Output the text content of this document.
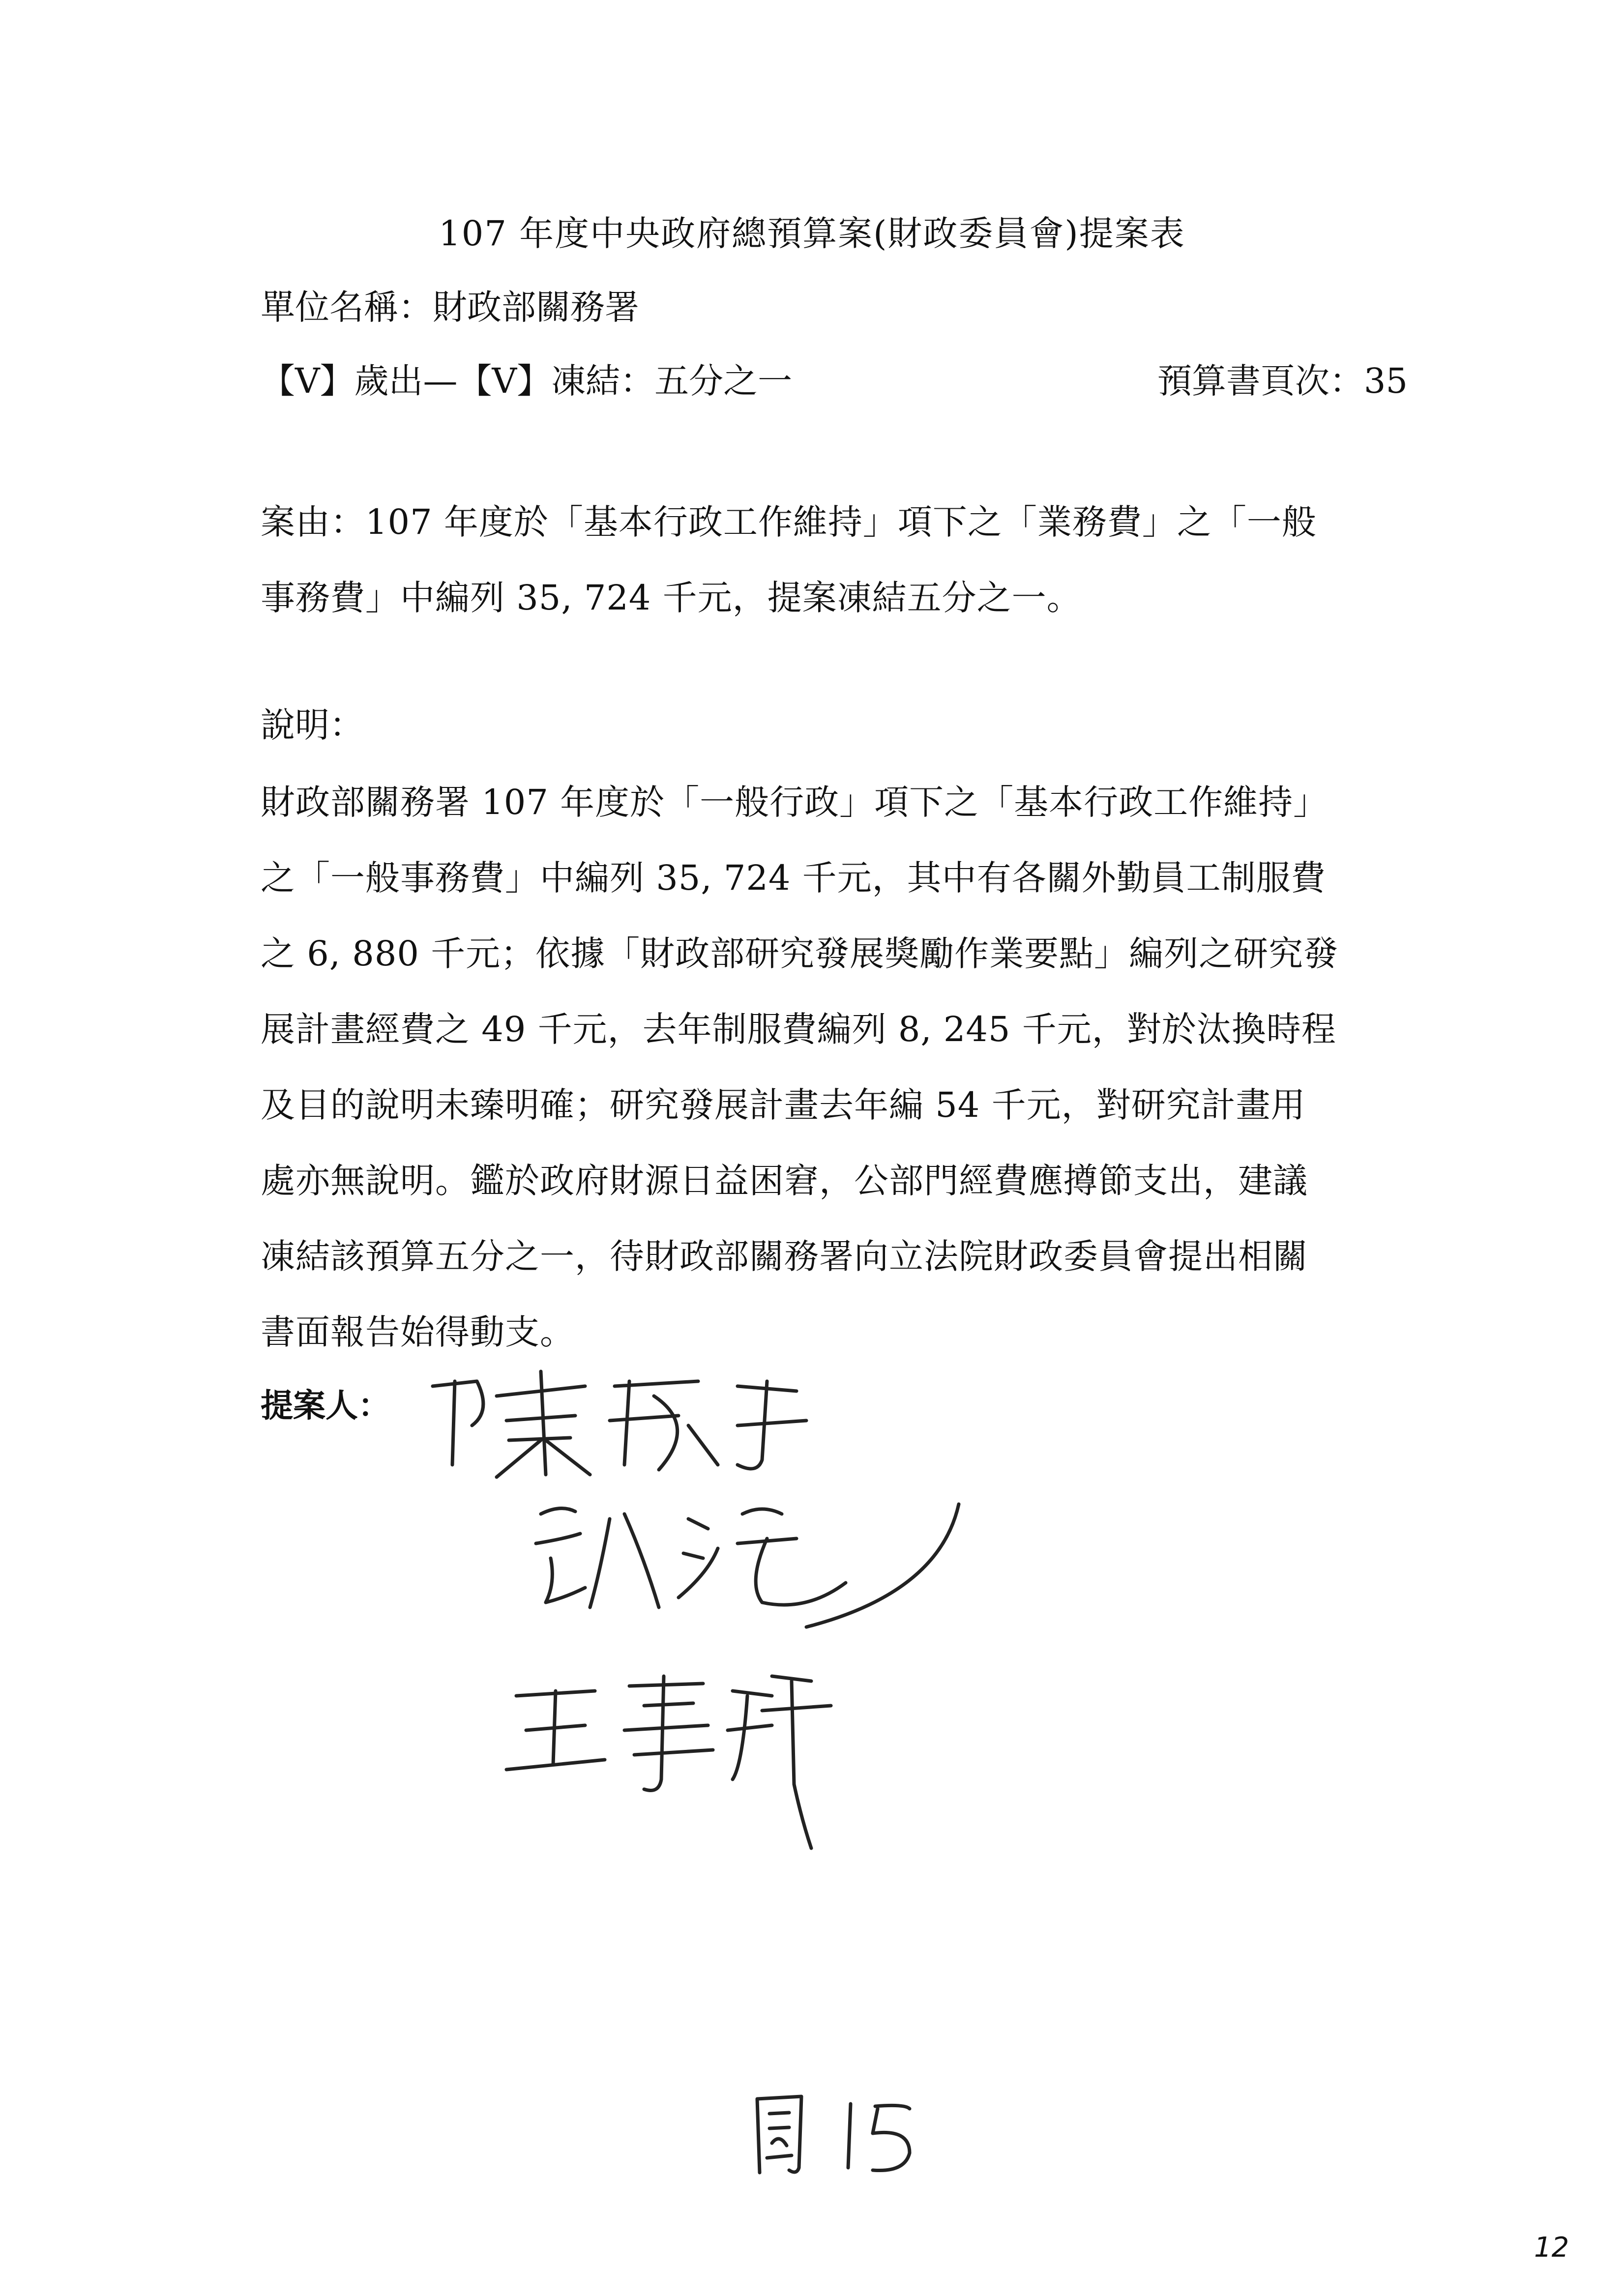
107 年度中央政府總預算案(財政委員會)提案表
單位名稱：財政部關務署
【V】歲出—【V】凍結：五分之一	預算書頁次：35
案由：107 年度於「基本行政工作維持」項下之「業務費」之「一般
事務費」中編列 35, 724 千元，提案凍結五分之一。
說明：
財政部關務署 107 年度於「一般行政」項下之「基本行政工作維持」
之「一般事務費」中編列 35, 724 千元，其中有各關外勤員工制服費
之 6, 880 千元；依據「財政部研究發展獎勵作業要點」編列之研究發
展計畫經費之 49 千元，去年制服費編列 8, 245 千元，對於汰換時程
及目的說明未臻明確；研究發展計畫去年編 54 千元，對研究計畫用
處亦無說明。鑑於政府財源日益困窘，公部門經費應撙節支出，建議
凍結該預算五分之一，待財政部關務署向立法院財政委員會提出相關
書面報告始得動支。
提案人：
12
